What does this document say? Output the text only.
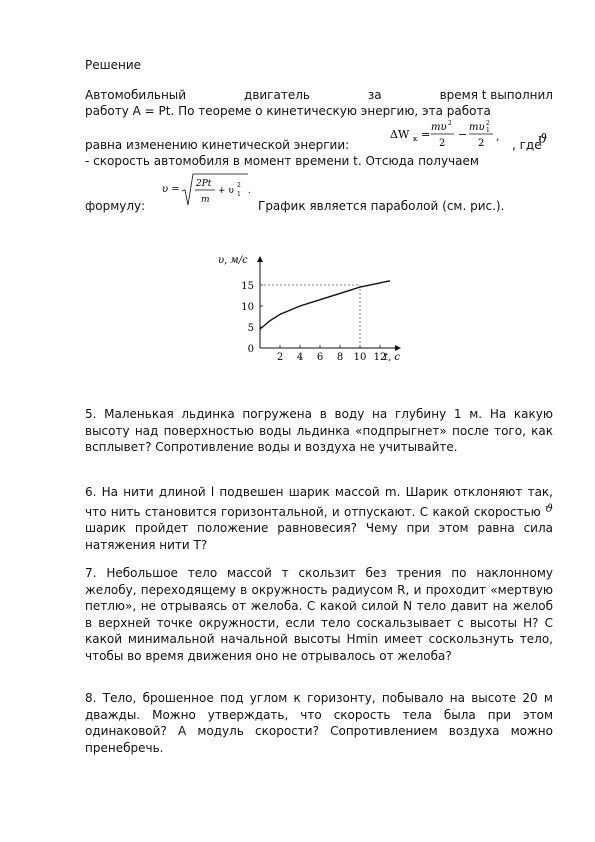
Решение
Автомобильный	двигатель	за	время t выполнил
работу A = Pt. По теореме о кинетическую энергию, эта работа
равна изменению кинетической энергии:
ΔW к =
mυ 2
2
−
mυ 1
2
2
,
, где
ϑ
- скорость автомобиля в момент времени t. Отсюда получаем
υ = 2Pt
m
+ υ 1
2
.
формулу:	График является параболой (см. рис.).
υ, м/с
t, с
2 4 6 8 10 12
0
5
10
15

5. Маленькая льдинка погружена в воду на глубину 1 м. На какую высоту над поверхностью воды льдинка «подпрыгнет» после того, как всплывет? Сопротивление воды и воздуха не учитывайте.

6. На нити длиной l подвешен шарик массой m. Шарик отклоняют так, что нить становится горизонтальной, и отпускают. С какой скоростью ϑ шарик пройдет положение равновесия? Чему при этом равна сила натяжения нити T?

7. Небольшое тело массой т скользит без трения по наклонному желобу, переходящему в окружность радиусом R, и проходит «мертвую петлю», не отрываясь от желоба. С какой силой N тело давит на желоб в верхней точке окружности, если тело соскальзывает с высоты H? С какой минимальной начальной высоты Hmin имеет соскользнуть тело, чтобы во время движения оно не отрывалось от желоба?

8. Тело, брошенное под углом к горизонту, побывало на высоте 20 м дважды. Можно утверждать, что скорость тела была при этом одинаковой? А модуль скорости? Сопротивлением воздуха можно пренебречь.
